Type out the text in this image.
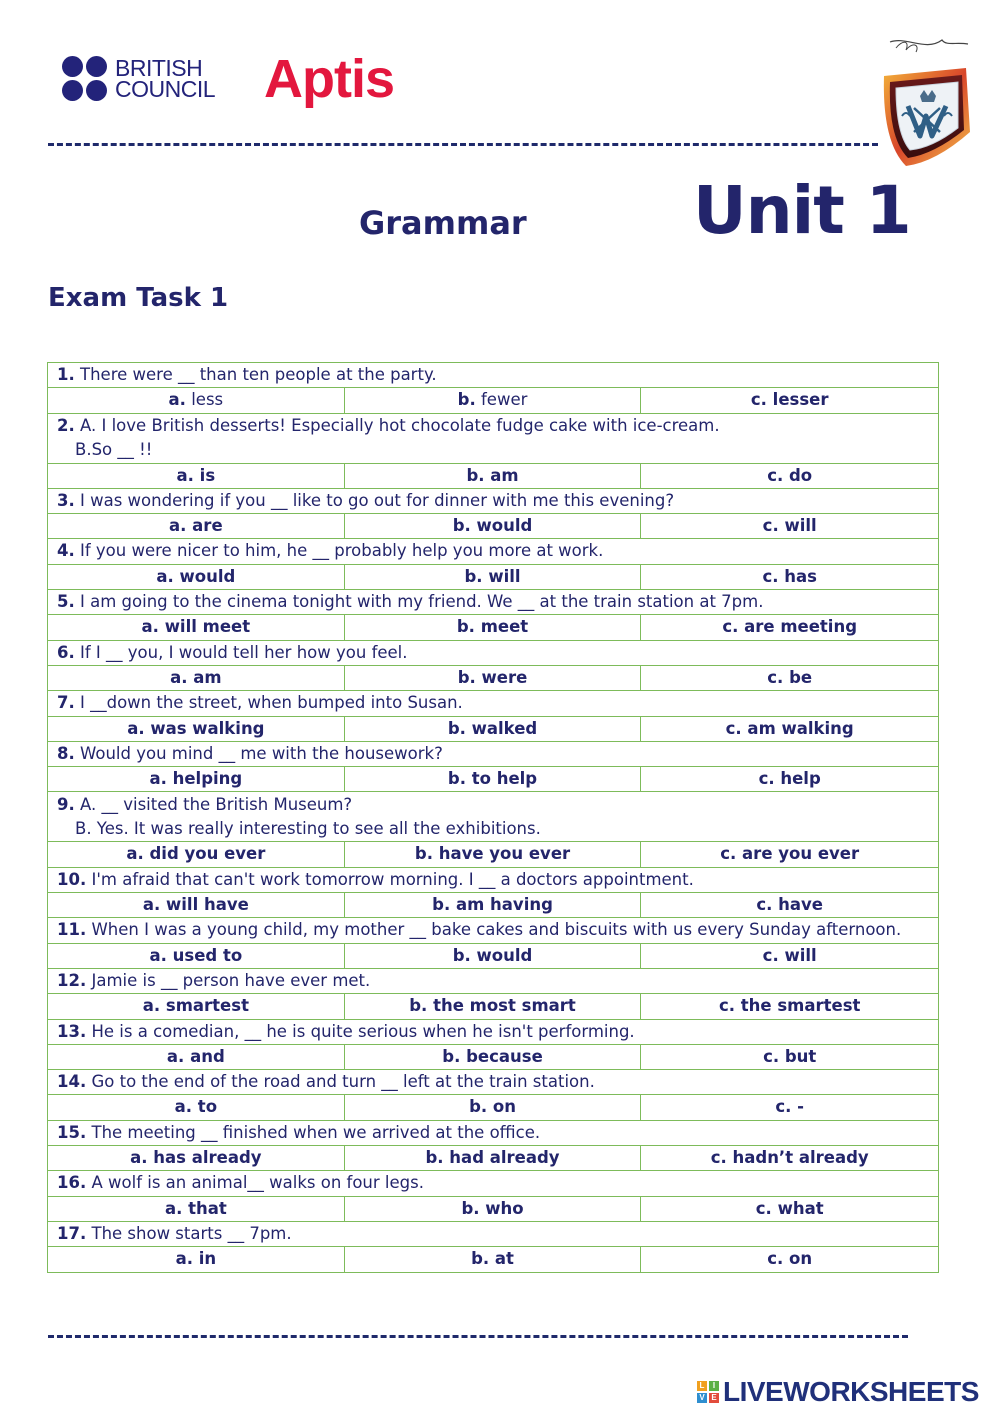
BRITISH
COUNCIL Aptis
Grammar	Unit 1
Exam Task 1
1. There were __ than ten people at the party.		
a. less	b. fewer	c. lesser
2. A. I love British desserts! Especially hot chocolate fudge cake with ice-cream.
B.So __ !!		
a. is	b. am	c. do
3. I was wondering if you __ like to go out for dinner with me this evening?		
a. are	b. would	c. will
4. If you were nicer to him, he __ probably help you more at work.		
a. would	b. will	c. has
5. I am going to the cinema tonight with my friend. We __ at the train station at 7pm.		
a. will meet	b. meet	c. are meeting
6. If I __ you, I would tell her how you feel.		
a. am	b. were	c. be
7. I __down the street, when bumped into Susan.		
a. was walking	b. walked	c. am walking
8. Would you mind __ me with the housework?		
a. helping	b. to help	c. help
9. A. __ visited the British Museum?
B. Yes. It was really interesting to see all the exhibitions.		
a. did you ever	b. have you ever	c. are you ever
10. I'm afraid that can't work tomorrow morning. I __ a doctors appointment.		
a. will have	b. am having	c. have
11. When I was a young child, my mother __ bake cakes and biscuits with us every Sunday afternoon.		
a. used to	b. would	c. will
12. Jamie is __ person have ever met.		
a. smartest	b. the most smart	c. the smartest
13. He is a comedian, __ he is quite serious when he isn't performing.		
a. and	b. because	c. but
14. Go to the end of the road and turn __ left at the train station.		
a. to	b. on	c. -
15. The meeting __ finished when we arrived at the office.		
a. has already	b. had already	c. hadn’t already
16. A wolf is an animal__ walks on four legs.		
a. that	b. who	c. what
17. The show starts __ 7pm.		
a. in	b. at	c. on
L	I
V E LIVEWORKSHEETS
